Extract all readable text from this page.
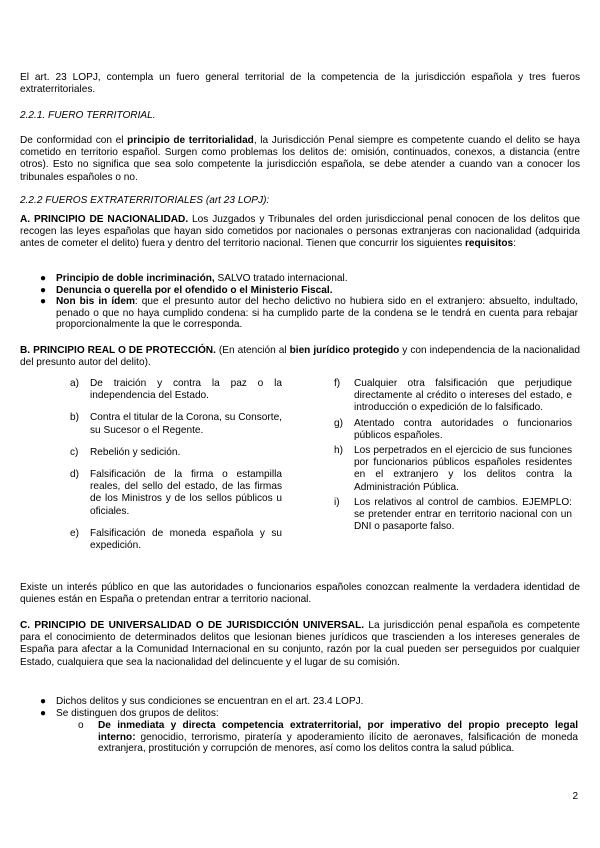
El art. 23 LOPJ, contempla un fuero general territorial de la competencia de la jurisdicción española y tres fueros extraterritoriales.

2.2.1. FUERO TERRITORIAL.

De conformidad con el principio de territorialidad, la Jurisdicción Penal siempre es competente cuando el delito se haya cometido en territorio español. Surgen como problemas los delitos de: omisión, continuados, conexos, a distancia (entre otros). Esto no significa que sea solo competente la jurisdicción española, se debe atender a cuando van a conocer los tribunales españoles o no.

2.2.2 FUEROS EXTRATERRITORIALES (art 23 LOPJ):

A. PRINCIPIO DE NACIONALIDAD. Los Juzgados y Tribunales del orden jurisdiccional penal conocen de los delitos que recogen las leyes españolas que hayan sido cometidos por nacionales o personas extranjeras con nacionalidad (adquirida antes de cometer el delito) fuera y dentro del territorio nacional. Tienen que concurrir los siguientes requisitos:

● Principio de doble incriminación, SALVO tratado internacional.
● Denuncia o querella por el ofendido o el Ministerio Fiscal.
● Non bis in ídem: que el presunto autor del hecho delictivo no hubiera sido en el extranjero: absuelto, indultado, penado o que no haya cumplido condena: si ha cumplido parte de la condena se le tendrá en cuenta para rebajar proporcionalmente la que le corresponda.

B. PRINCIPIO REAL O DE PROTECCIÓN. (En atención al bien jurídico protegido y con independencia de la nacionalidad del presunto autor del delito).

a) De traición y contra la paz o la independencia del Estado.
b) Contra el titular de la Corona, su Consorte, su Sucesor o el Regente.
c) Rebelión y sedición.
d) Falsificación de la firma o estampilla reales, del sello del estado, de las firmas de los Ministros y de los sellos públicos u oficiales.
e) Falsificación de moneda española y su expedición.
f) Cualquier otra falsificación que perjudique directamente al crédito o intereses del estado, e introducción o expedición de lo falsificado.
g) Atentado contra autoridades o funcionarios públicos españoles.
h) Los perpetrados en el ejercicio de sus funciones por funcionarios públicos españoles residentes en el extranjero y los delitos contra la Administración Pública.
i) Los relativos al control de cambios. EJEMPLO: se pretender entrar en territorio nacional con un DNI o pasaporte falso.

Existe un interés público en que las autoridades o funcionarios españoles conozcan realmente la verdadera identidad de quienes están en España o pretendan entrar a territorio nacional.

C. PRINCIPIO DE UNIVERSALIDAD O DE JURISDICCIÓN UNIVERSAL. La jurisdicción penal española es competente para el conocimiento de determinados delitos que lesionan bienes jurídicos que trascienden a los intereses generales de España para afectar a la Comunidad Internacional en su conjunto, razón por la cual pueden ser perseguidos por cualquier Estado, cualquiera que sea la nacionalidad del delincuente y el lugar de su comisión.

● Dichos delitos y sus condiciones se encuentran en el art. 23.4 LOPJ.
● Se distinguen dos grupos de delitos:
o De inmediata y directa competencia extraterritorial, por imperativo del propio precepto legal interno: genocidio, terrorismo, piratería y apoderamiento ilícito de aeronaves, falsificación de moneda extranjera, prostitución y corrupción de menores, así como los delitos contra la salud pública.
2
